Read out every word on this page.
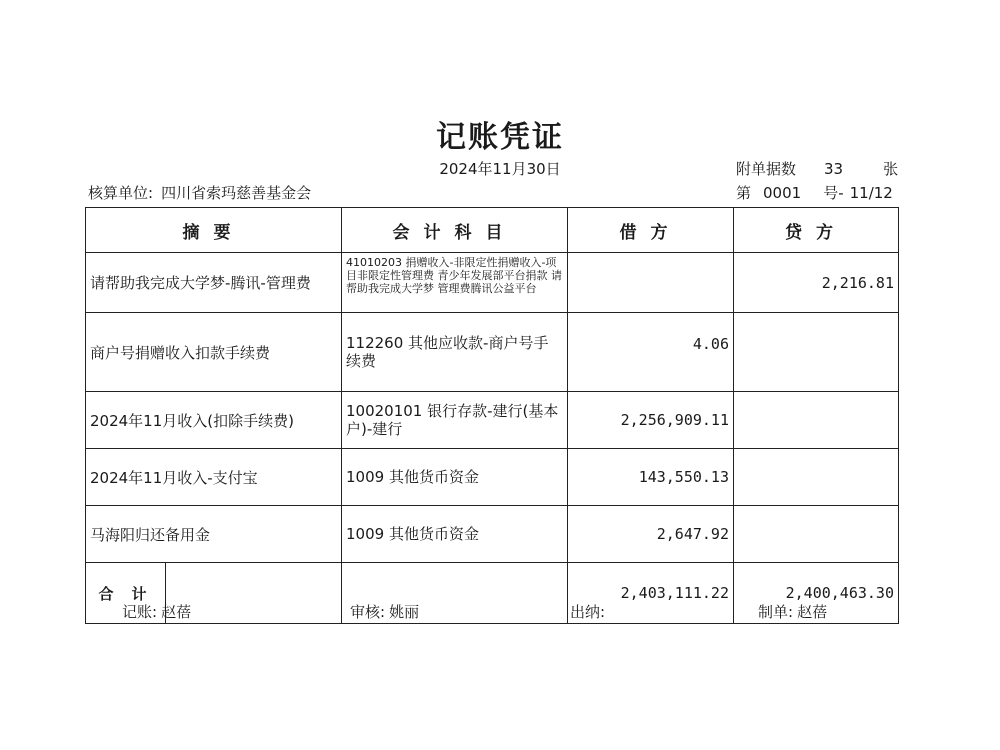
记账凭证
2024年11月30日	附单据数 33	张
核算单位: 四川省索玛慈善基金会	第 0001 号- 11/12
摘要	会计科目	借方	贷方
请帮助我完成大学梦-腾讯-管理费	41010203 捐赠收入-非限定性捐赠收入-项目非限定性管理费 青少年发展部平台捐款 请帮助我完成大学梦 管理费腾讯公益平台		2,216.81
商户号捐赠收入扣款手续费	112260 其他应收款-商户号手续费	4.06	
2024年11月收入(扣除手续费)	10020101 银行存款-建行(基本户)-建行	2,256,909.11	
2024年11月收入-支付宝	1009 其他货币资金	143,550.13	
马海阳归还备用金	1009 其他货币资金	2,647.92	

合计		2,403,111.22	2,400,463.30
记账: 赵蓓	审核: 姚丽	出纳:	制单: 赵蓓
